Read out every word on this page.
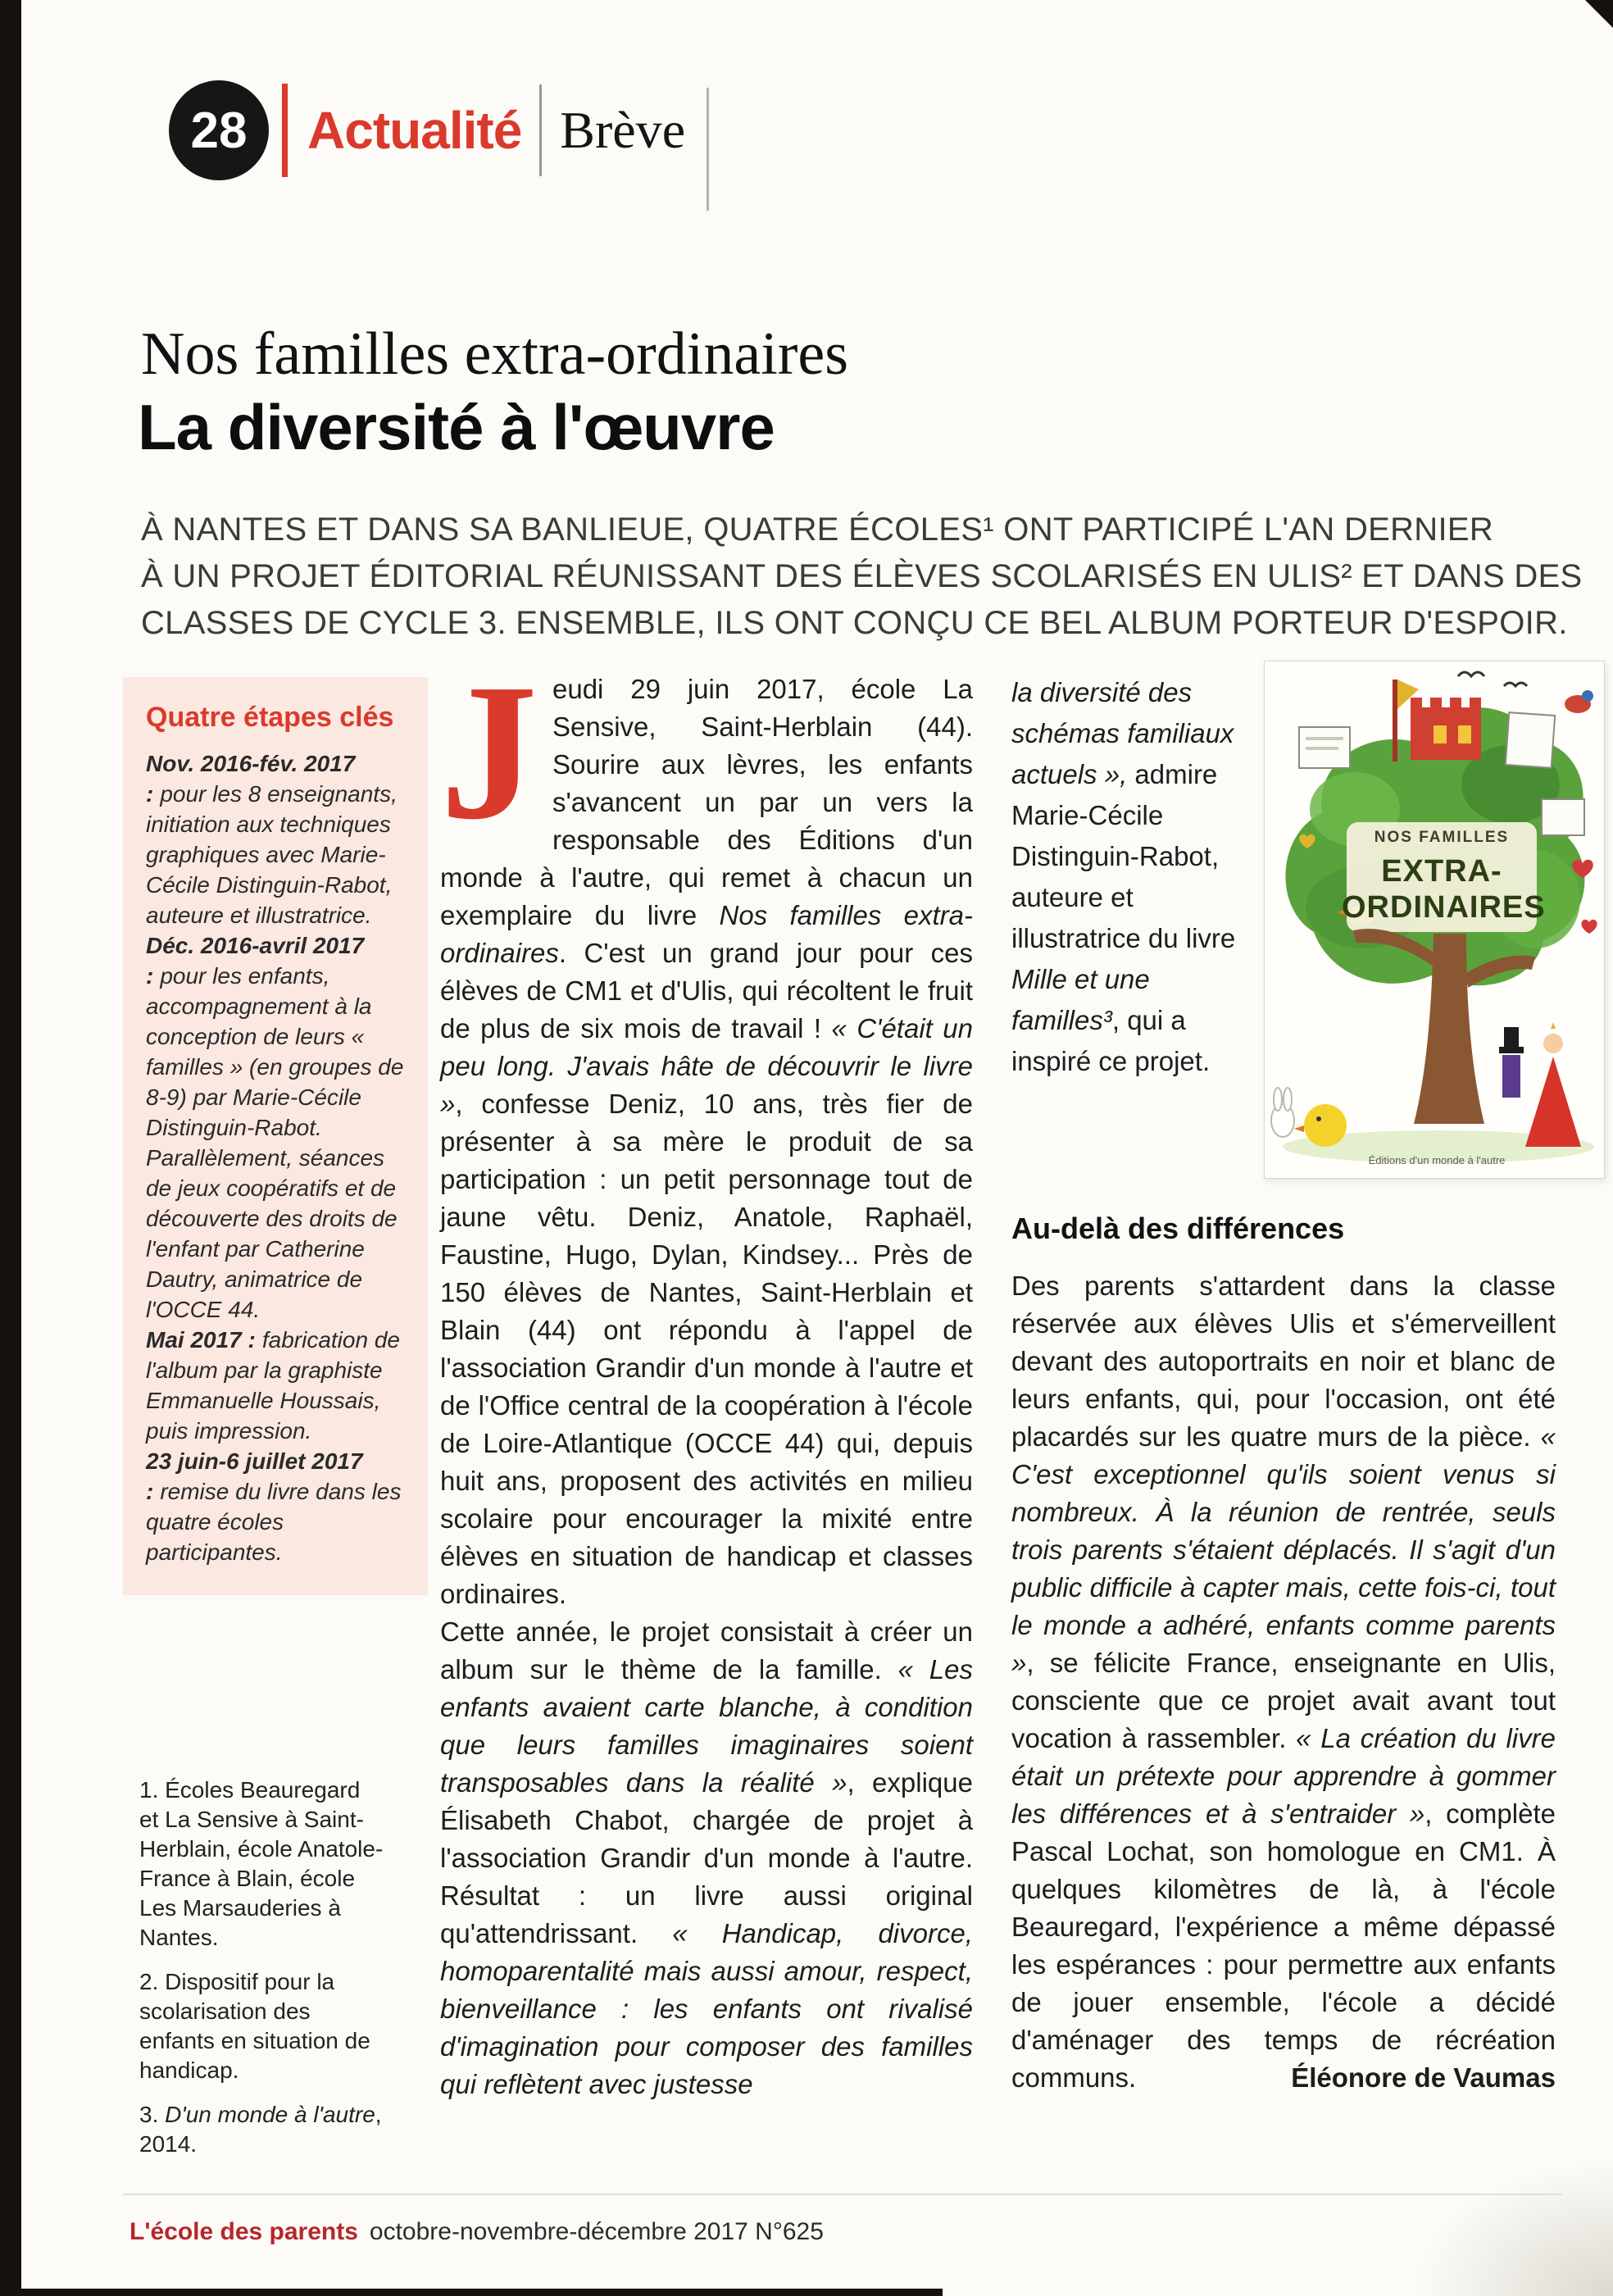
28	Actualité Brève
Nos familles extra-ordinaires
La diversité à l'œuvre
À NANTES ET DANS SA BANLIEUE, QUATRE ÉCOLES¹ ONT PARTICIPÉ L'AN DERNIER
À UN PROJET ÉDITORIAL RÉUNISSANT DES ÉLÈVES SCOLARISÉS EN ULIS² ET DANS DES
CLASSES DE CYCLE 3. ENSEMBLE, ILS ONT CONÇU CE BEL ALBUM PORTEUR D'ESPOIR.

Quatre étapes clés

Nov. 2016-fév. 2017 : pour les 8 enseignants, initiation aux techniques graphiques avec Marie-Cécile Distinguin-Rabot, auteure et illustratrice.

Déc. 2016-avril 2017 : pour les enfants, accompagnement à la conception de leurs « familles » (en groupes de 8-9) par Marie-Cécile Distinguin-Rabot. Parallèlement, séances de jeux coopératifs et de découverte des droits de l'enfant par Catherine Dautry, animatrice de l'OCCE 44.

Mai 2017 : fabrication de l'album par la graphiste Emmanuelle Houssais, puis impression.

23 juin-6 juillet 2017 : remise du livre dans les quatre écoles participantes.

1. Écoles Beauregard et La Sensive à Saint-Herblain, école Anatole-France à Blain, école Les Marsauderies à Nantes.

2. Dispositif pour la scolarisation des enfants en situation de handicap.

3. D'un monde à l'autre, 2014.

Jeudi 29 juin 2017, école La Sensive, Saint-Herblain (44). Sourire aux lèvres, les enfants s'avancent un par un vers la responsable des Éditions d'un monde à l'autre, qui remet à chacun un exemplaire du livre Nos familles extra-ordinaires. C'est un grand jour pour ces élèves de CM1 et d'Ulis, qui récoltent le fruit de plus de six mois de travail ! « C'était un peu long. J'avais hâte de découvrir le livre », confesse Deniz, 10 ans, très fier de présenter à sa mère le produit de sa participation : un petit personnage tout de jaune vêtu. Deniz, Anatole, Raphaël, Faustine, Hugo, Dylan, Kindsey... Près de 150 élèves de Nantes, Saint-Herblain et Blain (44) ont répondu à l'appel de l'association Grandir d'un monde à l'autre et de l'Office central de la coopération à l'école de Loire-Atlantique (OCCE 44) qui, depuis huit ans, proposent des activités en milieu scolaire pour encourager la mixité entre élèves en situation de handicap et classes ordinaires.

Cette année, le projet consistait à créer un album sur le thème de la famille. « Les enfants avaient carte blanche, à condition que leurs familles imaginaires soient transposables dans la réalité », explique Élisabeth Chabot, chargée de projet à l'association Grandir d'un monde à l'autre. Résultat : un livre aussi original qu'attendrissant. « Handicap, divorce, homoparentalité mais aussi amour, respect, bienveillance : les enfants ont rivalisé d'imagination pour composer des familles qui reflètent avec justesse

la diversité des schémas familiaux actuels », admire Marie-Cécile Distinguin-Rabot, auteure et illustratrice du livre Mille et une familles³, qui a inspiré ce projet.
NOS FAMILLES
EXTRA-
ORDINAIRES
Éditions d'un monde à l'autre

Au-delà des différences

Des parents s'attardent dans la classe réservée aux élèves Ulis et s'émerveillent devant des autoportraits en noir et blanc de leurs enfants, qui, pour l'occasion, ont été placardés sur les quatre murs de la pièce. « C'est exceptionnel qu'ils soient venus si nombreux. À la réunion de rentrée, seuls trois parents s'étaient déplacés. Il s'agit d'un public difficile à capter mais, cette fois-ci, tout le monde a adhéré, enfants comme parents », se félicite France, enseignante en Ulis, consciente que ce projet avait avant tout vocation à rassembler. « La création du livre était un prétexte pour apprendre à gommer les différences et à s'entraider », complète Pascal Lochat, son homologue en CM1. À quelques kilomètres de là, à l'école Beauregard, l'expérience a même dépassé les espérances : pour permettre aux enfants de jouer ensemble, l'école a décidé d'aménager des temps de récréation communs.	Éléonore de Vaumas
L'école des parents octobre-novembre-décembre 2017 N°625
